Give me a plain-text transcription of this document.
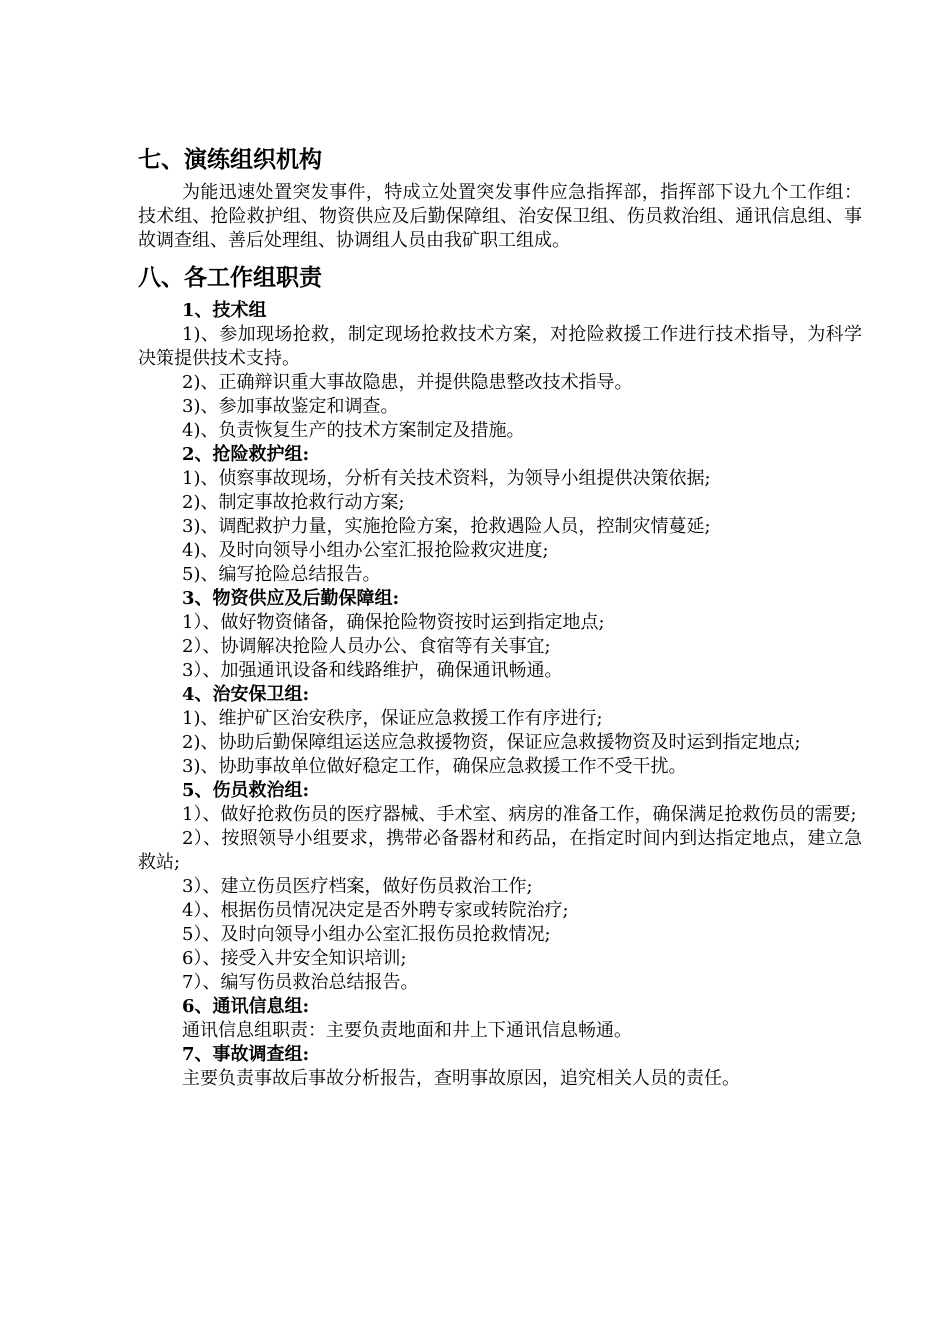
七、演练组织机构

为能迅速处置突发事件，特成立处置突发事件应急指挥部，指挥部下设九个工作组：技术组、抢险救护组、物资供应及后勤保障组、治安保卫组、伤员救治组、通讯信息组、事故调查组、善后处理组、协调组人员由我矿职工组成。

八、各工作组职责

1、技术组

1)、参加现场抢救，制定现场抢救技术方案，对抢险救援工作进行技术指导，为科学决策提供技术支持。

2)、正确辩识重大事故隐患，并提供隐患整改技术指导。

3)、参加事故鉴定和调查。

4)、负责恢复生产的技术方案制定及措施。

2、抢险救护组:

1)、侦察事故现场，分析有关技术资料，为领导小组提供决策依据;

2)、制定事故抢救行动方案;

3)、调配救护力量，实施抢险方案，抢救遇险人员，控制灾情蔓延;

4)、及时向领导小组办公室汇报抢险救灾进度;

5)、编写抢险总结报告。

3、物资供应及后勤保障组:

1）、做好物资储备，确保抢险物资按时运到指定地点;

2）、协调解决抢险人员办公、食宿等有关事宜;

3）、加强通讯设备和线路维护，确保通讯畅通。

4、治安保卫组:

1)、维护矿区治安秩序，保证应急救援工作有序进行;

2)、协助后勤保障组运送应急救援物资，保证应急救援物资及时运到指定地点;

3)、协助事故单位做好稳定工作，确保应急救援工作不受干扰。

5、伤员救治组:

1）、做好抢救伤员的医疗器械、手术室、病房的准备工作，确保满足抢救伤员的需要;

2）、按照领导小组要求，携带必备器材和药品，在指定时间内到达指定地点，建立急救站;

3）、建立伤员医疗档案，做好伤员救治工作;

4）、根据伤员情况决定是否外聘专家或转院治疗;

5）、及时向领导小组办公室汇报伤员抢救情况;

6）、接受入井安全知识培训;

7）、编写伤员救治总结报告。

6、通讯信息组:

通讯信息组职责：主要负责地面和井上下通讯信息畅通。

7、事故调查组:

主要负责事故后事故分析报告，查明事故原因，追究相关人员的责任。
